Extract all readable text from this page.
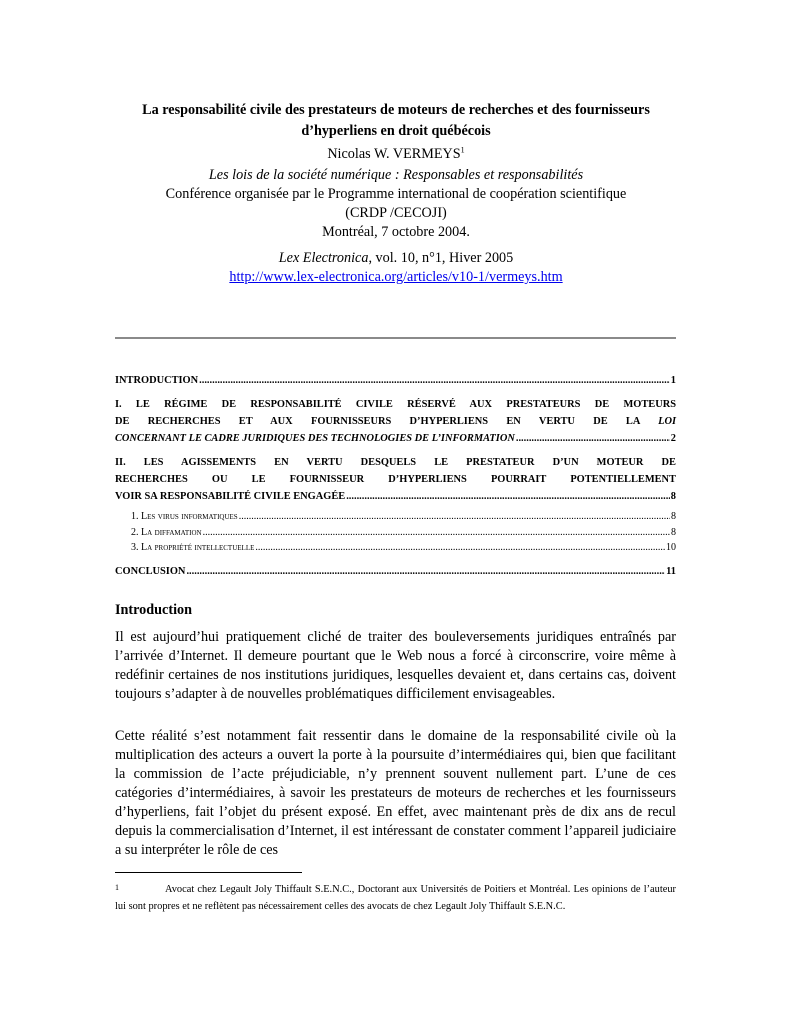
La responsabilité civile des prestateurs de moteurs de recherches et des fournisseurs
d’hyperliens en droit québécois
Nicolas W. VERMEYS$^1$
Les lois de la société numérique : Responsables et responsabilités
Conférence organisée par le Programme international de coopération scientifique
(CRDP /CECOJI)
Montréal, 7 octobre 2004.
Lex Electronica, vol. 10, n°1, Hiver 2005
http://www.lex-electronica.org/articles/v10-1/vermeys.htm
INTRODUCTION .....	1
I. LE RÉGIME DE RESPONSABILITÉ CIVILE RÉSERVÉ AUX PRESTATEURS DE MOTEURS
DE RECHERCHES ET AUX FOURNISSEURS D’HYPERLIENS EN VERTU DE LA LOI
CONCERNANT LE CADRE JURIDIQUES DES TECHNOLOGIES DE L’INFORMATION .....	2
II. LES AGISSEMENTS EN VERTU DESQUELS LE PRESTATEUR D’UN MOTEUR DE
RECHERCHES OU LE FOURNISSEUR D’HYPERLIENS POURRAIT POTENTIELLEMENT
VOIR SA RESPONSABILITÉ CIVILE ENGAGÉE .....	8
1. Les virus informatiques .....	8
2. La diffamation .....	8
3. La propriété intellectuelle .....	10
CONCLUSION .....	11
Introduction
Il est aujourd’hui pratiquement cliché de traiter des bouleversements juridiques entraînés par l’arrivée d’Internet. Il demeure pourtant que le Web nous a forcé à circonscrire, voire même à redéfinir certaines de nos institutions juridiques, lesquelles devaient et, dans certains cas, doivent toujours s’adapter à de nouvelles problématiques difficilement envisageables.
Cette réalité s’est notamment fait ressentir dans le domaine de la responsabilité civile où la multiplication des acteurs a ouvert la porte à la poursuite d’intermédiaires qui, bien que facilitant la commission de l’acte préjudiciable, n’y prennent souvent nullement part. L’une de ces catégories d’intermédiaires, à savoir les prestateurs de moteurs de recherches et les fournisseurs d’hyperliens, fait l’objet du présent exposé. En effet, avec maintenant près de dix ans de recul depuis la commercialisation d’Internet, il est intéressant de constater comment l’appareil judiciaire a su interpréter le rôle de ces
1	Avocat chez Legault Joly Thiffault S.E.N.C., Doctorant aux Universités de Poitiers et Montréal. Les opinions de l’auteur lui sont propres et ne reflètent pas nécessairement celles des avocats de chez Legault Joly Thiffault S.E.N.C.
